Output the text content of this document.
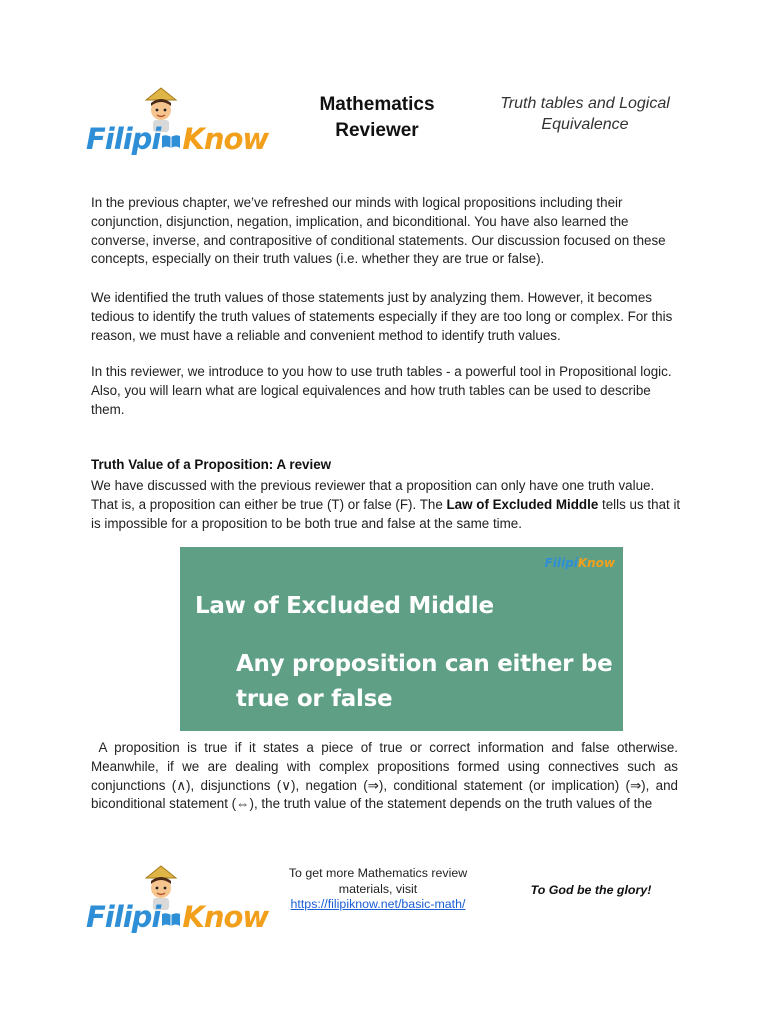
Filipi Know
Mathematics
Reviewer
Truth tables and Logical
Equivalence

In the previous chapter, we’ve refreshed our minds with logical propositions including their conjunction, disjunction, negation, implication, and biconditional. You have also learned the converse, inverse, and contrapositive of conditional statements. Our discussion focused on these concepts, especially on their truth values (i.e. whether they are true or false).

We identified the truth values of those statements just by analyzing them. However, it becomes tedious to identify the truth values of statements especially if they are too long or complex. For this reason, we must have a reliable and convenient method to identify truth values.

In this reviewer, we introduce to you how to use truth tables - a powerful tool in Propositional logic. Also, you will learn what are logical equivalences and how truth tables can be used to describe them.

Truth Value of a Proposition: A review

We have discussed with the previous reviewer that a proposition can only have one truth value. That is, a proposition can either be true (T) or false (F). The Law of Excluded Middle tells us that it is impossible for a proposition to be both true and false at the same time.

FilipiKnow
Law of Excluded Middle
Any proposition can either be true or false

A proposition is true if it states a piece of true or correct information and false otherwise. Meanwhile, if we are dealing with complex propositions formed using connectives such as conjunctions (∧), disjunctions (∨), negation (⇒), conditional statement (or implication) (⇒), and biconditional statement (⇔), the truth value of the statement depends on the truth values of the

Filipi Know
To get more Mathematics review
materials, visit
https://filipiknow.net/basic-math/
To God be the glory!
